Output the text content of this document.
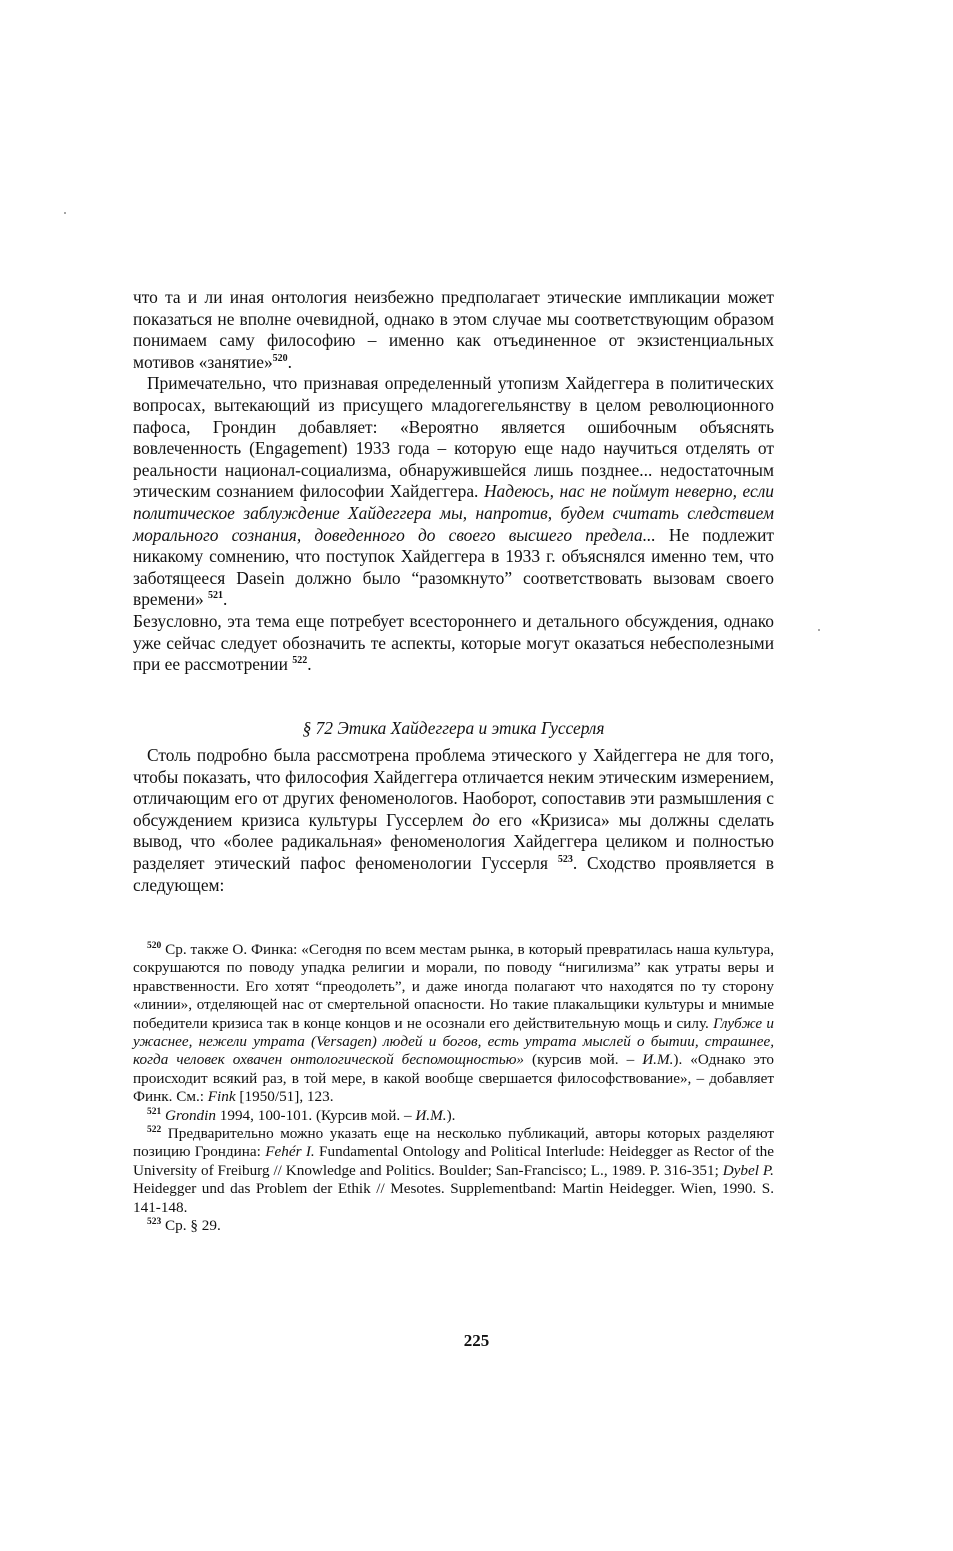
что та и ли иная онтология неизбежно предполагает этические импликации может показаться не вполне очевидной, однако в этом случае мы соответствующим образом понимаем саму философию – именно как отъединенное от экзистенциальных мотивов «занятие»$^{520}$.

Примечательно, что признавая определенный утопизм Хайдеггера в политических вопросах, вытекающий из присущего младогегельянству в целом революционного пафоса, Грондин добавляет: «Вероятно является ошибочным объяснять вовлеченность (Engagement) 1933 года – которую еще надо научиться отделять от реальности национал-социализма, обнаружившейся лишь позднее... недостаточным этическим сознанием философии Хайдеггера. Надеюсь, нас не поймут неверно, если политическое заблуждение Хайдеггера мы, напротив, будем считать следствием морального сознания, доведенного до своего высшего предела... Не подлежит никакому сомнению, что поступок Хайдеггера в 1933 г. объяснялся именно тем, что заботящееся Dasein должно было “разомкнуто” соответствовать вызовам своего времени» $^{521}$.

Безусловно, эта тема еще потребует всестороннего и детального обсуждения, однако уже сейчас следует обозначить те аспекты, которые могут оказаться небесполезными при ее рассмотрении $^{522}$.

§ 72 Этика Хайдеггера и этика Гуссерля

Столь подробно была рассмотрена проблема этического у Хайдеггера не для того, чтобы показать, что философия Хайдеггера отличается неким этическим измерением, отличающим его от других феноменологов. Наоборот, сопоставив эти размышления с обсуждением кризиса культуры Гуссерлем до его «Кризиса» мы должны сделать вывод, что «более радикальная» феноменология Хайдеггера целиком и полностью разделяет этический пафос феноменологии Гуссерля $^{523}$. Сходство проявляется в следующем:

$^{520}$ Ср. также О. Финка: «Сегодня по всем местам рынка, в который превратилась наша культура, сокрушаются по поводу упадка религии и морали, по поводу “нигилизма” как утраты веры и нравственности. Его хотят “преодолеть”, и даже иногда полагают что находятся по ту сторону «линии», отделяющей нас от смертельной опасности. Но такие плакальщики культуры и мнимые победители кризиса так в конце концов и не осознали его действительную мощь и силу. Глубже и ужаснее, нежели утрата (Versagen) людей и богов, есть утрата мыслей о бытии, страшнее, когда человек охвачен онтологической беспомощностью» (курсив мой. – И.М.). «Однако это происходит всякий раз, в той мере, в какой вообще свершается философствование», – добавляет Финк. См.: Fink [1950/51], 123.

$^{521}$ Grondin 1994, 100-101. (Курсив мой. – И.М.).

$^{522}$ Предварительно можно указать еще на несколько публикаций, авторы которых разделяют позицию Грондина: Fehér I. Fundamental Ontology and Political Interlude: Heidegger as Rector of the University of Freiburg // Knowledge and Politics. Boulder; San-Francisco; L., 1989. P. 316-351; Dybel P. Heidegger und das Problem der Ethik // Mesotes. Supplementband: Martin Heidegger. Wien, 1990. S. 141-148.

$^{523}$ Ср. § 29.

225
